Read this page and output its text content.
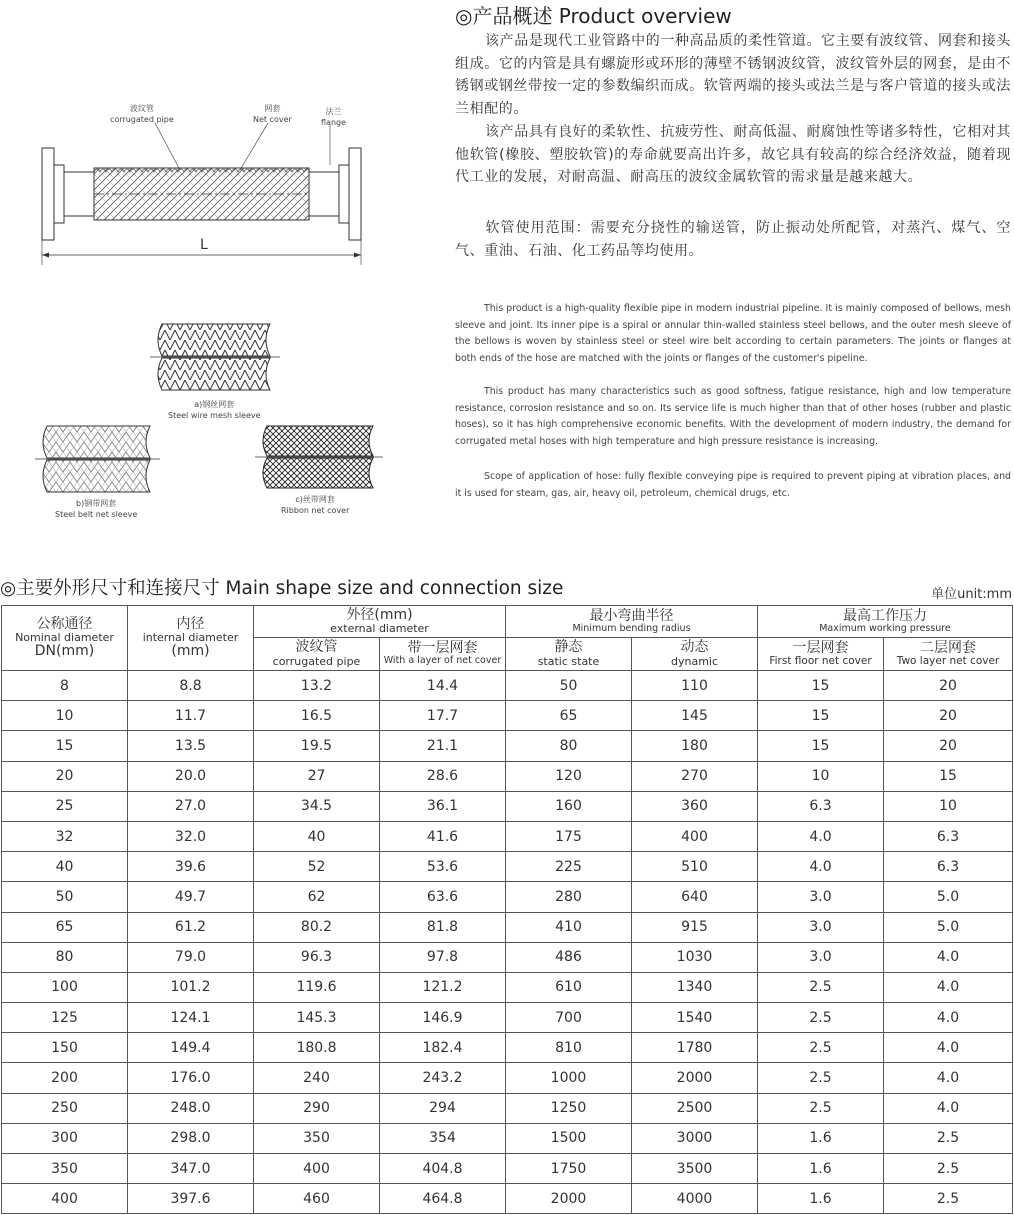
◎产品概述 Product overview
该产品是现代工业管路中的一种高品质的柔性管道。它主要有波纹管、网套和接头组成。它的内管是具有螺旋形或环形的薄壁不锈钢波纹管，波纹管外层的网套，是由不锈钢或钢丝带按一定的参数编织而成。软管两端的接头或法兰是与客户管道的接头或法兰相配的。
该产品具有良好的柔软性、抗疲劳性、耐高低温、耐腐蚀性等诸多特性，它相对其他软管(橡胶、塑胶软管)的寿命就要高出许多，故它具有较高的综合经济效益，随着现代工业的发展，对耐高温、耐高压的波纹金属软管的需求量是越来越大。
软管使用范围：需要充分挠性的输送管，防止振动处所配管，对蒸汽、煤气、空气、重油、石油、化工药品等均使用。
This product is a high-quality flexible pipe in modern industrial pipeline. It is mainly composed of bellows, mesh sleeve and joint. Its inner pipe is a spiral or annular thin-walled stainless steel bellows, and the outer mesh sleeve of the bellows is woven by stainless steel or steel wire belt according to certain parameters. The joints or flanges at both ends of the hose are matched with the joints or flanges of the customer's pipeline.
This product has many characteristics such as good softness, fatigue resistance, high and low temperature resistance, corrosion resistance and so on. Its service life is much higher than that of other hoses (rubber and plastic hoses), so it has high comprehensive economic benefits. With the development of modern industry, the demand for corrugated metal hoses with high temperature and high pressure resistance is increasing.
Scope of application of hose: fully flexible conveying pipe is required to prevent piping at vibration places, and it is used for steam, gas, air, heavy oil, petroleum, chemical drugs, etc.
波纹管
corrugated pipe
网套
Net cover
法兰
flange
L
a)钢丝网套
Steel wire mesh sleeve
b)钢带网套
Steel belt net sleeve
c)丝带网套
Ribbon net cover
◎主要外形尺寸和连接尺寸 Main shape size and connection size	单位unit:mm
公称通径
Nominal diameter
DN(mm)	内径
internal diameter
(mm)	外径(mm)
external diameter		最小弯曲半径
Minimum bending radius		最高工作压力
Maximum working pressure	

		波纹管
corrugated pipe	带一层网套
With a layer of net cover	静态
static state	动态
dynamic	一层网套
First floor net cover	二层网套
Two layer net cover

8	8.8	13.2	14.4	50	110	15	20
10	11.7	16.5	17.7	65	145	15	20
15	13.5	19.5	21.1	80	180	15	20
20	20.0	27	28.6	120	270	10	15
25	27.0	34.5	36.1	160	360	6.3	10
32	32.0	40	41.6	175	400	4.0	6.3
40	39.6	52	53.6	225	510	4.0	6.3
50	49.7	62	63.6	280	640	3.0	5.0
65	61.2	80.2	81.8	410	915	3.0	5.0
80	79.0	96.3	97.8	486	1030	3.0	4.0
100	101.2	119.6	121.2	610	1340	2.5	4.0
125	124.1	145.3	146.9	700	1540	2.5	4.0
150	149.4	180.8	182.4	810	1780	2.5	4.0
200	176.0	240	243.2	1000	2000	2.5	4.0
250	248.0	290	294	1250	2500	2.5	4.0
300	298.0	350	354	1500	3000	1.6	2.5
350	347.0	400	404.8	1750	3500	1.6	2.5
400	397.6	460	464.8	2000	4000	1.6	2.5
